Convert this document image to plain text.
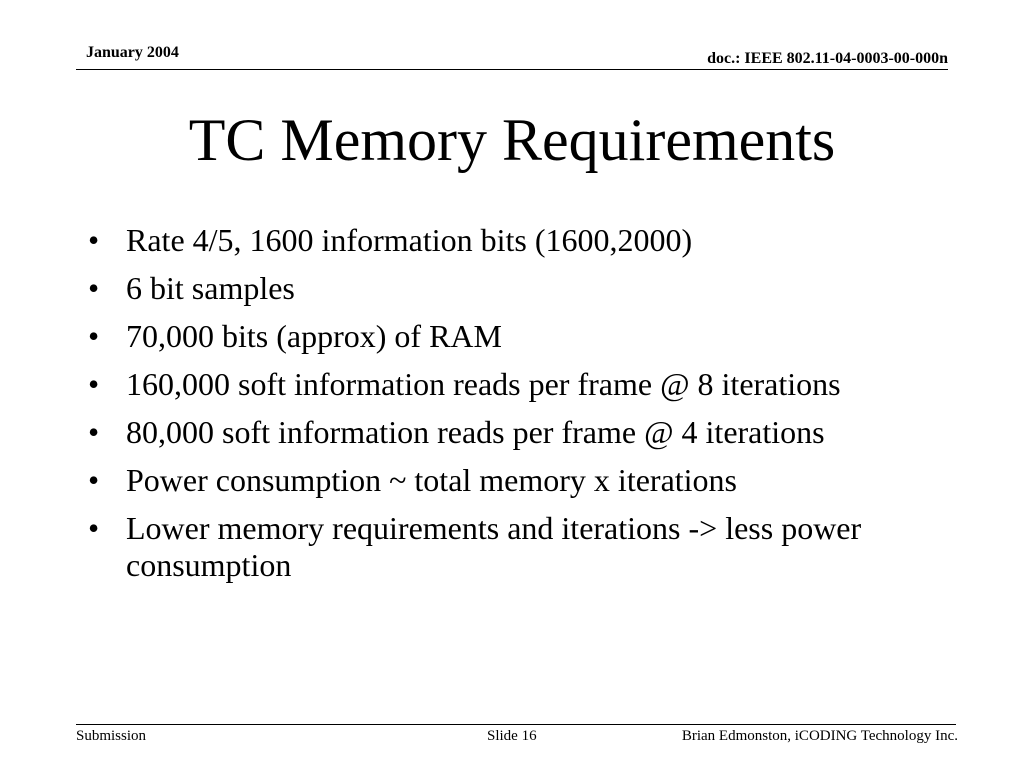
January 2004	doc.: IEEE 802.11-04-0003-00-000n
TC Memory Requirements
• Rate 4/5, 1600 information bits (1600,2000)
• 6 bit samples
• 70,000 bits (approx) of RAM
• 160,000 soft information reads per frame @ 8 iterations
• 80,000 soft information reads per frame @ 4 iterations
• Power consumption ~ total memory x iterations
• Lower memory requirements and iterations -> less power consumption
Submission	Slide 16	Brian Edmonston, iCODING Technology Inc.
